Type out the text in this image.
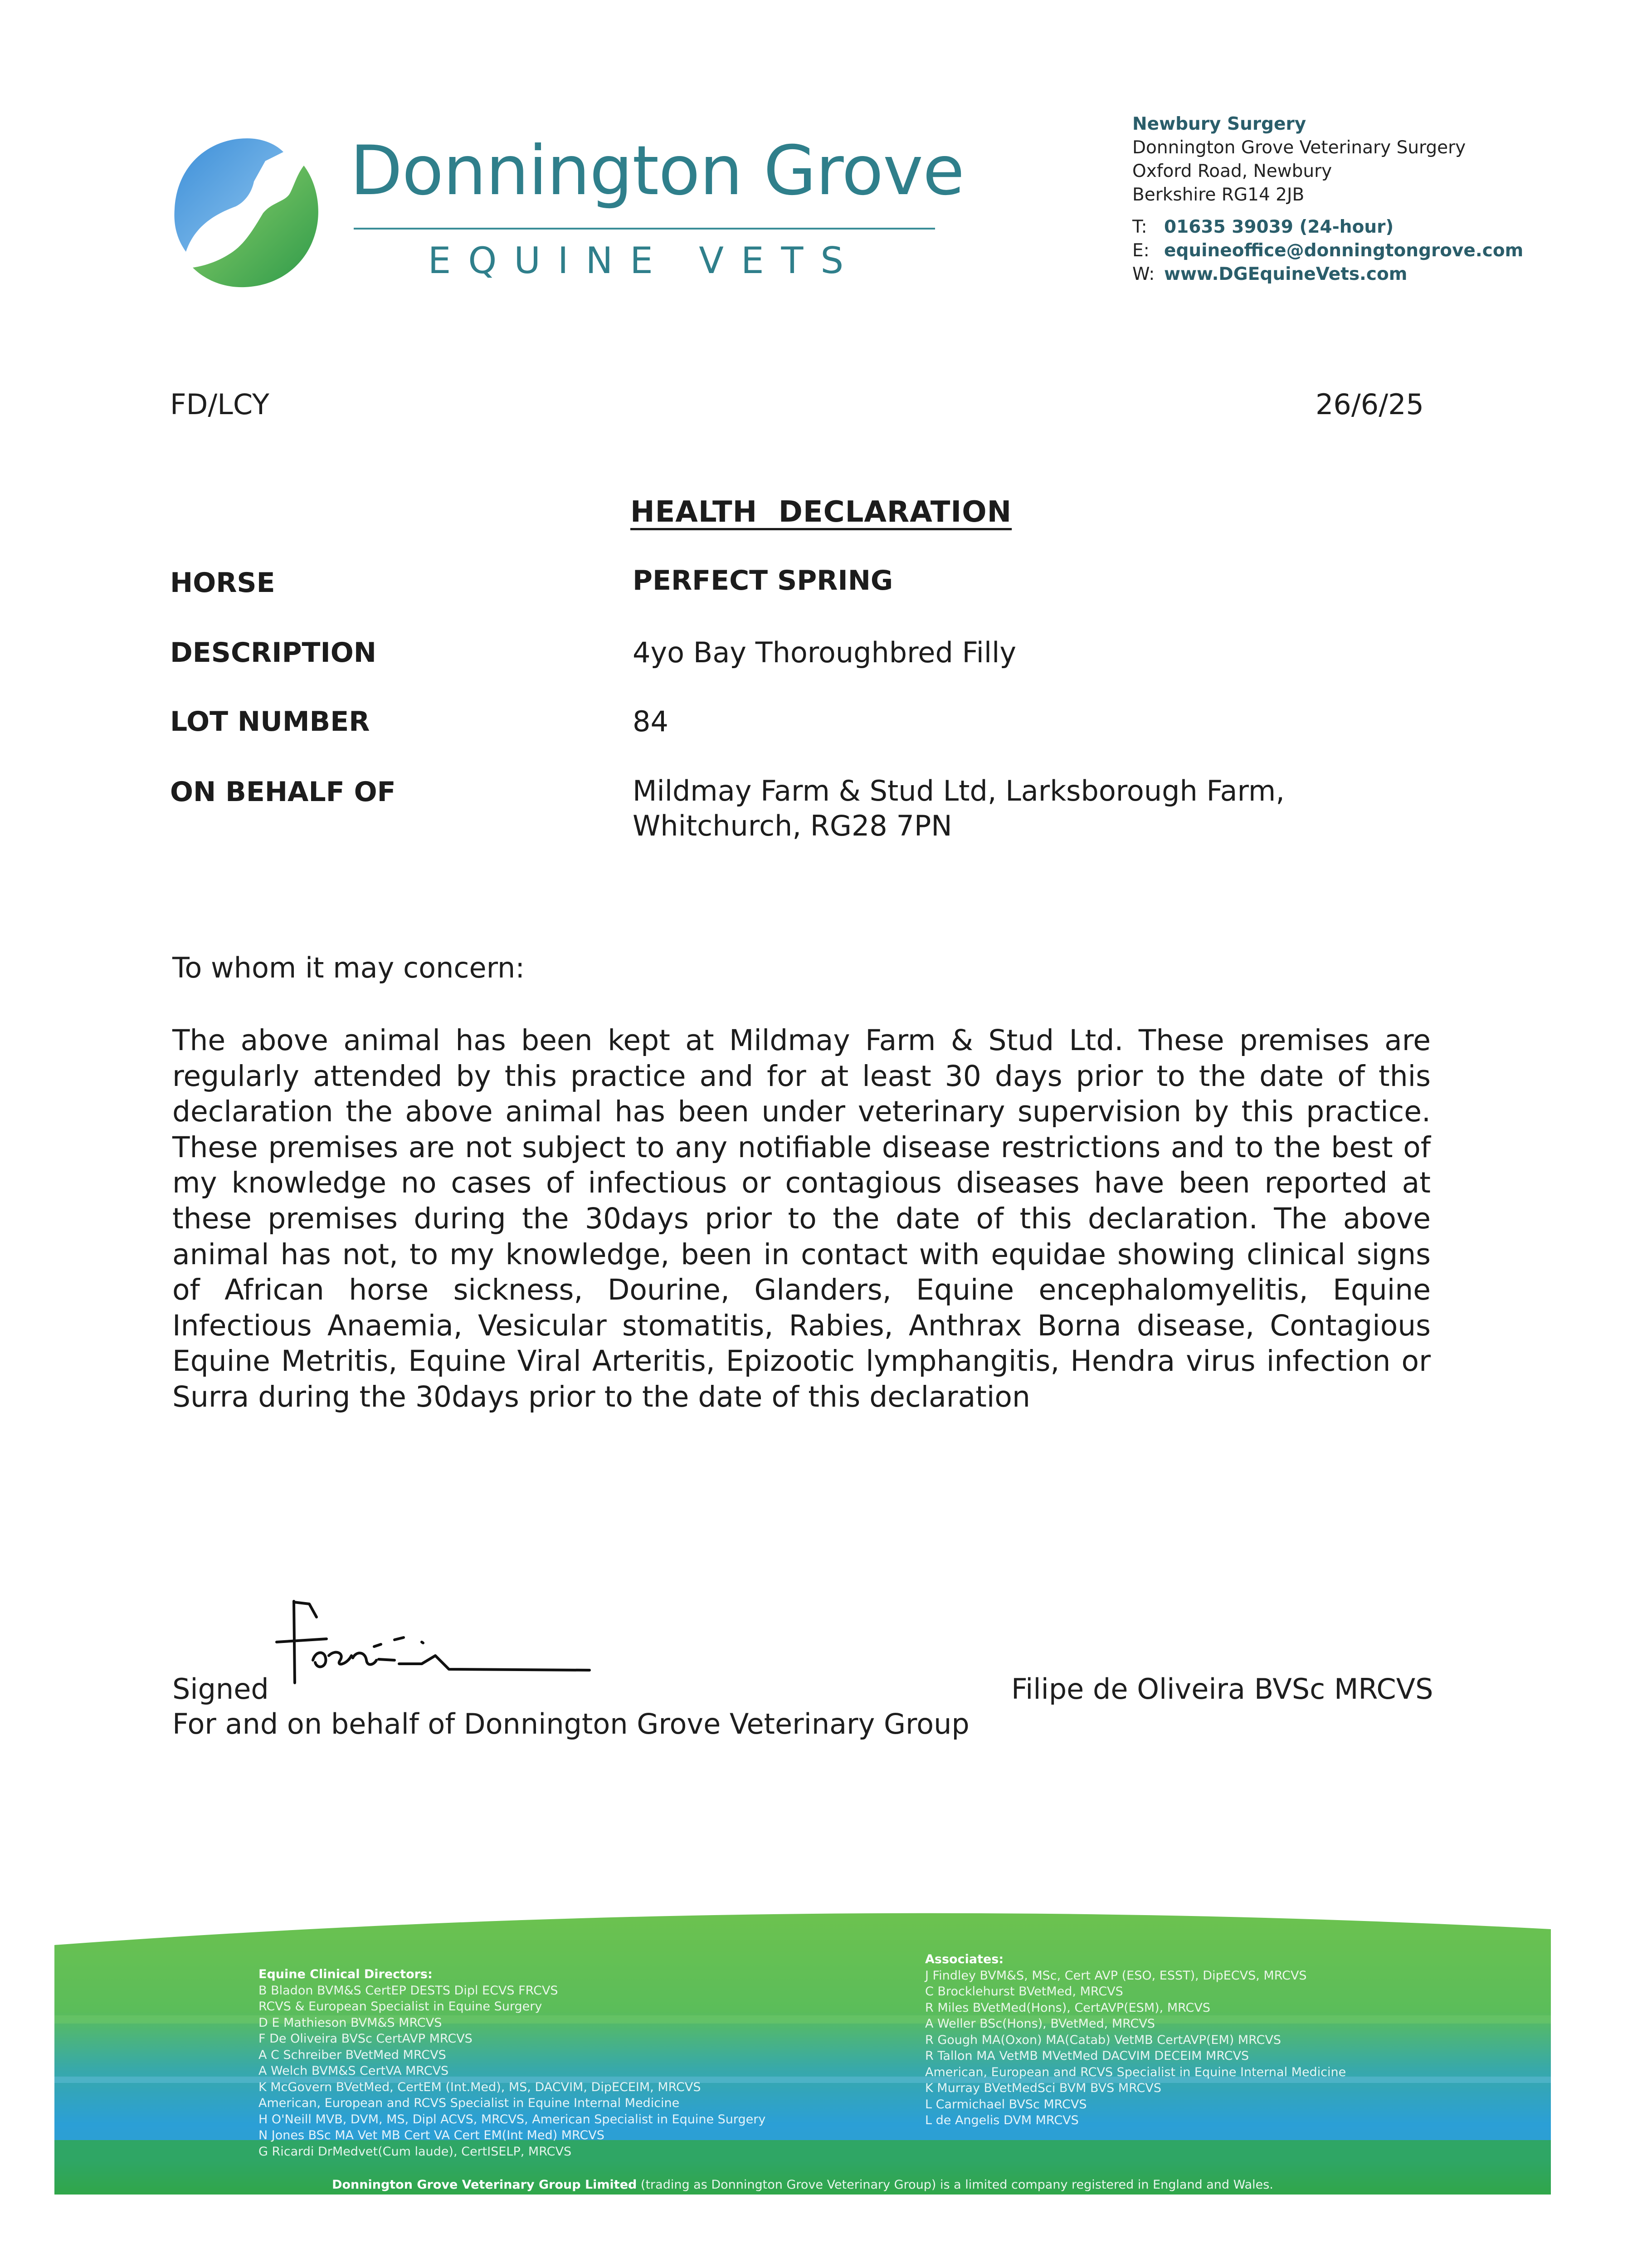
Donnington Grove
EQUINE VETS
Newbury Surgery
Donnington Grove Veterinary Surgery
Oxford Road, Newbury
Berkshire RG14 2JB
T: 01635 39039 (24-hour)
E: equineoffice@donningtongrove.com
W: www.DGEquineVets.com
FD/LCY	26/6/25
HEALTH  DECLARATION
HORSE	PERFECT SPRING
DESCRIPTION	4yo Bay Thoroughbred Filly
LOT NUMBER	84
ON BEHALF OF	Mildmay Farm & Stud Ltd, Larksborough Farm,
Whitchurch, RG28 7PN
To whom it may concern:
The above animal has been kept at Mildmay Farm & Stud Ltd. These premises are regularly attended by this practice and for at least 30 days prior to the date of this declaration the above animal has been under veterinary supervision by this practice. These premises are not subject to any notifiable disease restrictions and to the best of my knowledge no cases of infectious or contagious diseases have been reported at these premises during the 30days prior to the date of this declaration. The above animal has not, to my knowledge, been in contact with equidae showing clinical signs of African horse sickness, Dourine, Glanders, Equine encephalomyelitis, Equine Infectious Anaemia, Vesicular stomatitis, Rabies, Anthrax Borna disease, Contagious Equine Metritis, Equine Viral Arteritis, Epizootic lymphangitis, Hendra virus infection or Surra during the 30days prior to the date of this declaration
Signed
For and on behalf of Donnington Grove Veterinary Group
Filipe de Oliveira BVSc MRCVS
Equine Clinical Directors:
B Bladon BVM&S CertEP DESTS Dipl ECVS FRCVS
RCVS & European Specialist in Equine Surgery
D E Mathieson BVM&S MRCVS
F De Oliveira BVSc CertAVP MRCVS
A C Schreiber BVetMed MRCVS
A Welch BVM&S CertVA MRCVS
K McGovern BVetMed, CertEM (Int.Med), MS, DACVIM, DipECEIM, MRCVS
American, European and RCVS Specialist in Equine Internal Medicine
H O'Neill MVB, DVM, MS, Dipl ACVS, MRCVS, American Specialist in Equine Surgery
N Jones BSc MA Vet MB Cert VA Cert EM(Int Med) MRCVS
G Ricardi DrMedvet(Cum laude), CertISELP, MRCVS
Associates:
J Findley BVM&S, MSc, Cert AVP (ESO, ESST), DipECVS, MRCVS
C Brocklehurst BVetMed, MRCVS
R Miles BVetMed(Hons), CertAVP(ESM), MRCVS
A Weller BSc(Hons), BVetMed, MRCVS
R Gough MA(Oxon) MA(Catab) VetMB CertAVP(EM) MRCVS
R Tallon MA VetMB MVetMed DACVIM DECEIM MRCVS
American, European and RCVS Specialist in Equine Internal Medicine
K Murray BVetMedSci BVM BVS MRCVS
L Carmichael BVSc MRCVS
L de Angelis DVM MRCVS
Donnington Grove Veterinary Group Limited (trading as Donnington Grove Veterinary Group) is a limited company registered in England and Wales.
